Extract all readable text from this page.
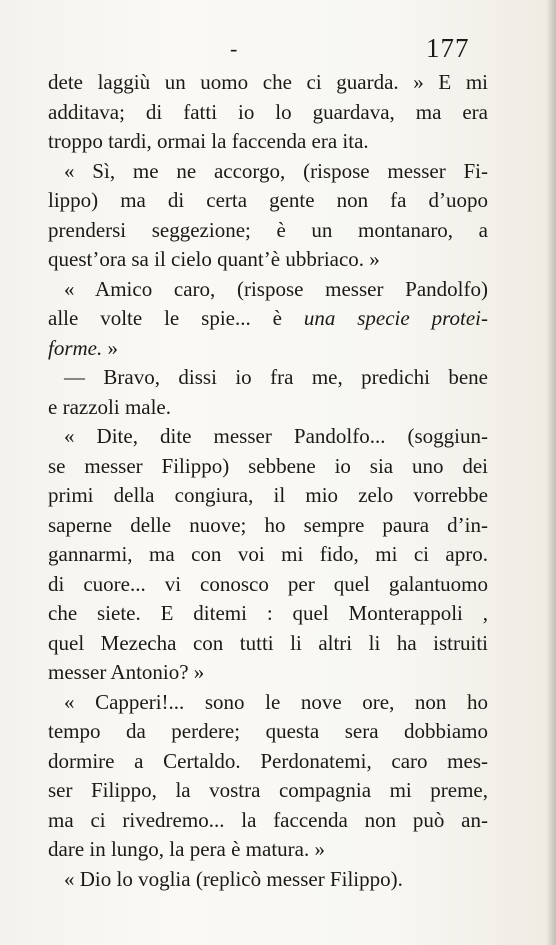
-	177
dete laggiù un uomo che ci guarda. » E mi
additava; di fatti io lo guardava, ma era
troppo tardi, ormai la faccenda era ita.
« Sì, me ne accorgo, (rispose messer Fi-
lippo) ma di certa gente non fa d’uopo
prendersi seggezione; è un montanaro, a
quest’ora sa il cielo quant’è ubbriaco. »
« Amico caro, (rispose messer Pandolfo)
alle volte le spie... è una specie protei-
forme. »
— Bravo, dissi io fra me, predichi bene
e razzoli male.
« Dite, dite messer Pandolfo... (soggiun-
se messer Filippo) sebbene io sia uno dei
primi della congiura, il mio zelo vorrebbe
saperne delle nuove; ho sempre paura d’in-
gannarmi, ma con voi mi fido, mi ci apro.
di cuore... vi conosco per quel galantuomo
che siete. E ditemi : quel Monterappoli ,
quel Mezecha con tutti li altri li ha istruiti
messer Antonio? »
« Capperi!... sono le nove ore, non ho
tempo da perdere; questa sera dobbiamo
dormire a Certaldo. Perdonatemi, caro mes-
ser Filippo, la vostra compagnia mi preme,
ma ci rivedremo... la faccenda non può an-
dare in lungo, la pera è matura. »
« Dio lo voglia (replicò messer Filippo).
